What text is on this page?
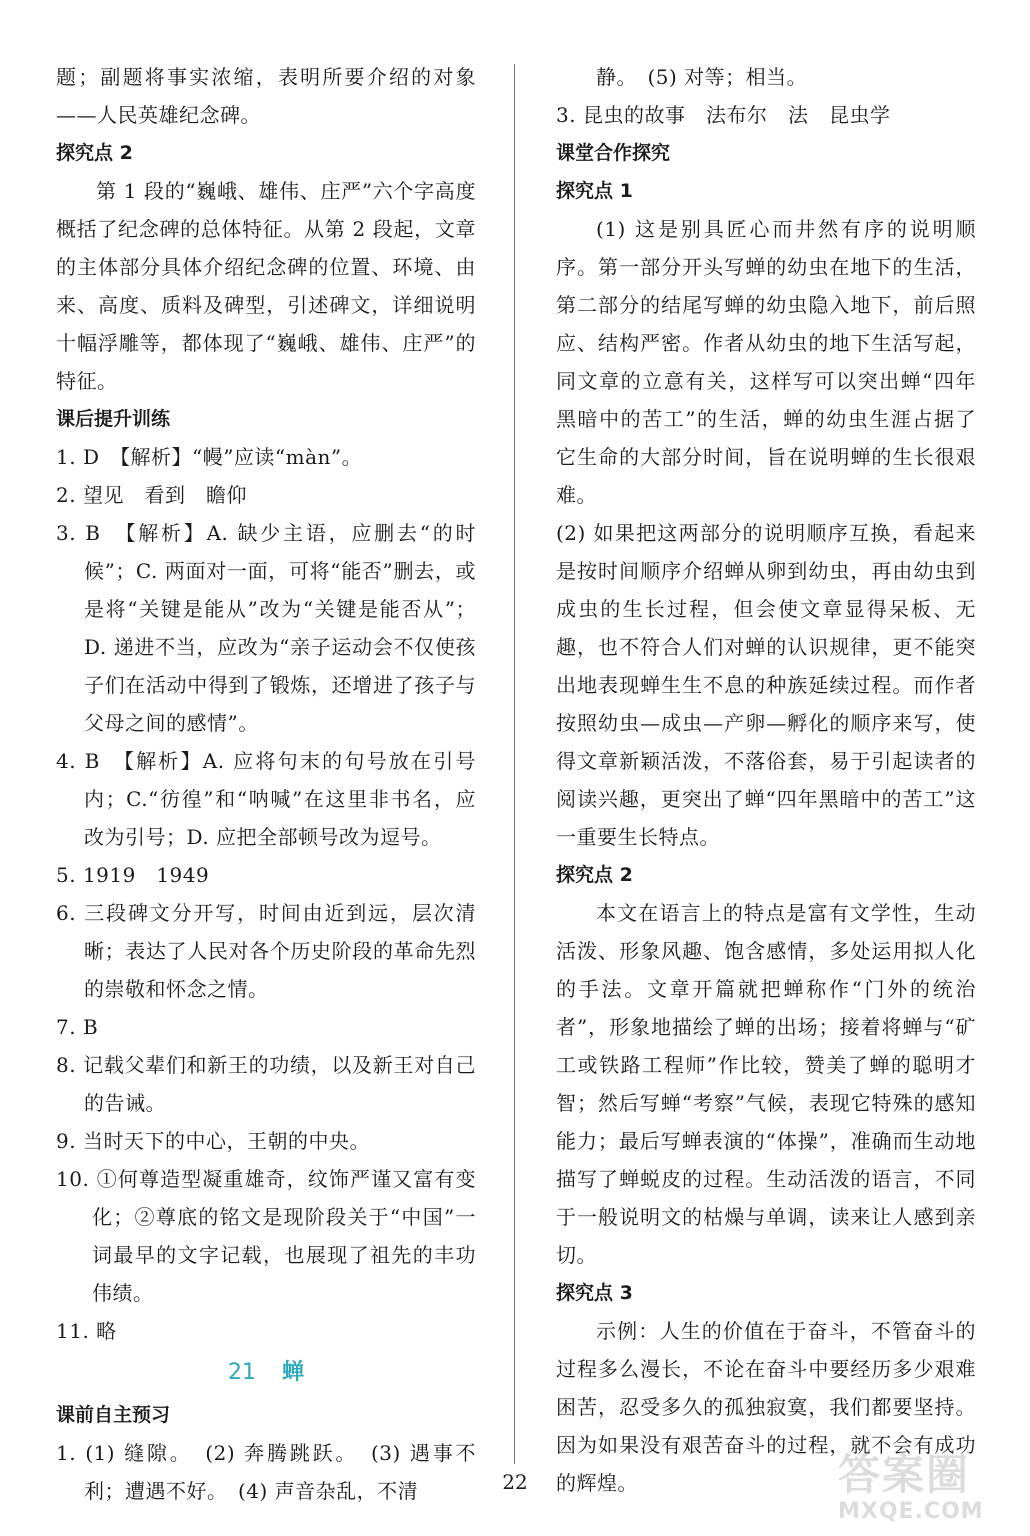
题；副题将事实浓缩，表明所要介绍的对象——人民英雄纪念碑。

探究点 2

第 1 段的“巍峨、雄伟、庄严”六个字高度概括了纪念碑的总体特征。从第 2 段起，文章的主体部分具体介绍纪念碑的位置、环境、由来、高度、质料及碑型，引述碑文，详细说明十幅浮雕等，都体现了“巍峨、雄伟、庄严”的特征。

课后提升训练

1. D　【解析】“幔”应读“màn”。

2. 望见　看到　瞻仰

3. B　【解析】A. 缺少主语，应删去“的时候”；C. 两面对一面，可将“能否”删去，或是将“关键是能从”改为“关键是能否从”；D. 递进不当，应改为“亲子运动会不仅使孩子们在活动中得到了锻炼，还增进了孩子与父母之间的感情”。

4. B　【解析】A. 应将句末的句号放在引号内；C.“彷徨”和“呐喊”在这里非书名，应改为引号；D. 应把全部顿号改为逗号。

5. 1919　1949

6. 三段碑文分开写，时间由近到远，层次清晰；表达了人民对各个历史阶段的革命先烈的崇敬和怀念之情。

7. B

8. 记载父辈们和新王的功绩，以及新王对自己的告诫。

9. 当时天下的中心，王朝的中央。

10. ①何尊造型凝重雄奇，纹饰严谨又富有变化；②尊底的铭文是现阶段关于“中国”一词最早的文字记载，也展现了祖先的丰功伟绩。

11. 略

21 蝉

课前自主预习

1. (1) 缝隙。　(2) 奔腾跳跃。　(3) 遇事不利；遭遇不好。　(4) 声音杂乱，不清

静。　(5) 对等；相当。

3. 昆虫的故事　法布尔　法　昆虫学

课堂合作探究

探究点 1

(1) 这是别具匠心而井然有序的说明顺序。第一部分开头写蝉的幼虫在地下的生活，第二部分的结尾写蝉的幼虫隐入地下，前后照应、结构严密。作者从幼虫的地下生活写起，同文章的立意有关，这样写可以突出蝉“四年黑暗中的苦工”的生活，蝉的幼虫生涯占据了它生命的大部分时间，旨在说明蝉的生长很艰难。

(2) 如果把这两部分的说明顺序互换，看起来是按时间顺序介绍蝉从卵到幼虫，再由幼虫到成虫的生长过程，但会使文章显得呆板、无趣，也不符合人们对蝉的认识规律，更不能突出地表现蝉生生不息的种族延续过程。而作者按照幼虫—成虫—产卵—孵化的顺序来写，使得文章新颖活泼，不落俗套，易于引起读者的阅读兴趣，更突出了蝉“四年黑暗中的苦工”这一重要生长特点。

探究点 2

本文在语言上的特点是富有文学性，生动活泼、形象风趣、饱含感情，多处运用拟人化的手法。文章开篇就把蝉称作“门外的统治者”，形象地描绘了蝉的出场；接着将蝉与“矿工或铁路工程师”作比较，赞美了蝉的聪明才智；然后写蝉“考察”气候，表现它特殊的感知能力；最后写蝉表演的“体操”，准确而生动地描写了蝉蜕皮的过程。生动活泼的语言，不同于一般说明文的枯燥与单调，读来让人感到亲切。

探究点 3

示例：人生的价值在于奋斗，不管奋斗的过程多么漫长，不论在奋斗中要经历多少艰难困苦，忍受多久的孤独寂寞，我们都要坚持。因为如果没有艰苦奋斗的过程，就不会有成功的辉煌。

22	答案圈
MXQE.COM
